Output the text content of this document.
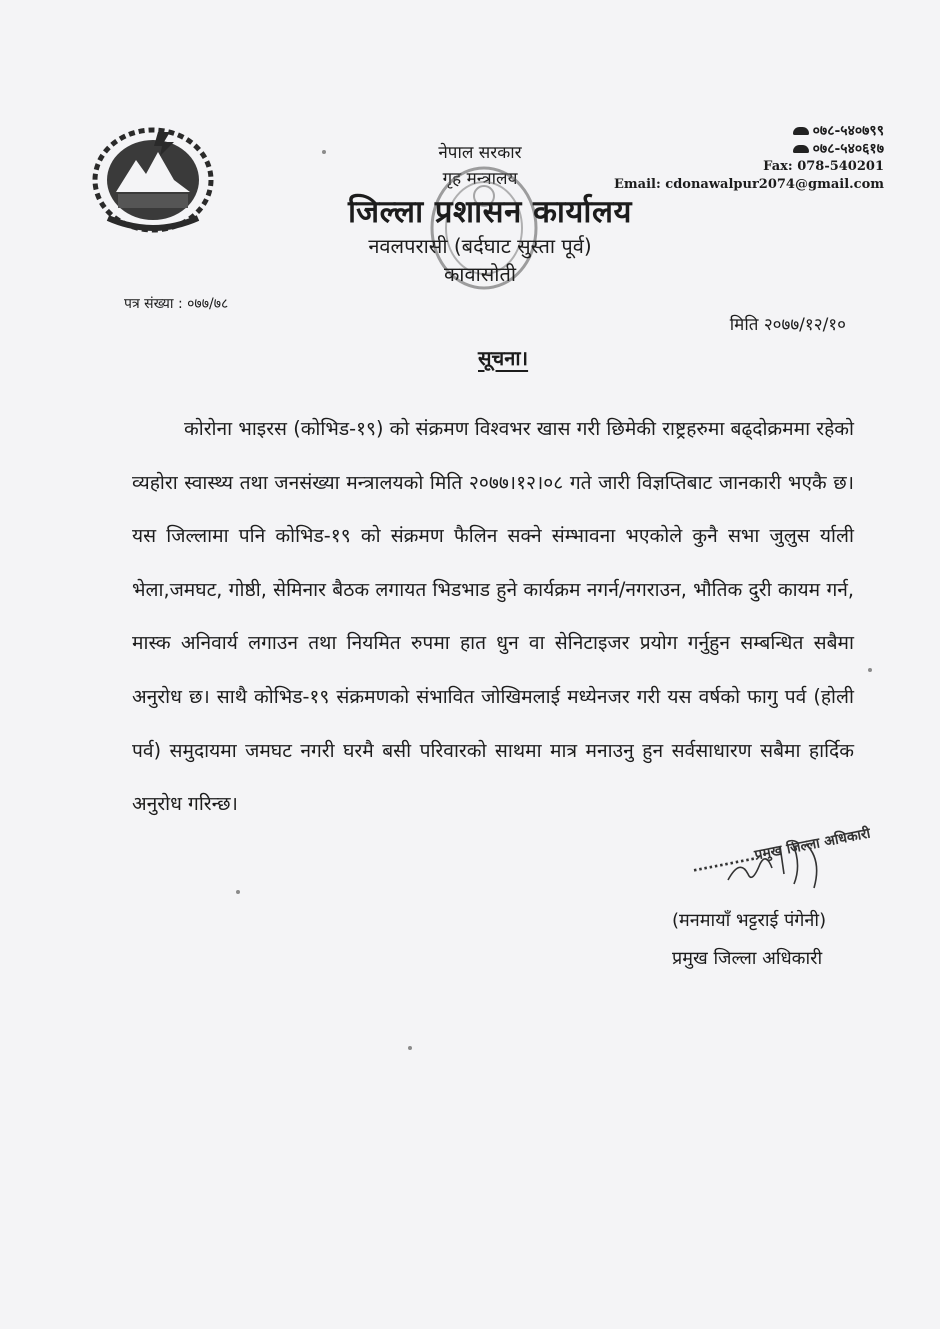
नेपाल सरकार
गृह मन्त्रालय
जिल्ला प्रशासन कार्यालय
नवलपरासी (बर्दघाट सुस्ता पूर्व)
कावासोती
०७८-५४०७९९
०७८-५४०६१७
Fax: 078-540201
Email: cdonawalpur2074@gmail.com
पत्र संख्या : ०७७/७८
मिति २०७७/१२/१०
सूचना।
कोरोना भाइरस (कोभिड-१९) को संक्रमण विश्वभर खास गरी छिमेकी राष्ट्रहरुमा बढ्दोक्रममा रहेको व्यहोरा स्वास्थ्य तथा जनसंख्या मन्त्रालयको मिति २०७७।१२।०८ गते जारी विज्ञप्तिबाट जानकारी भएकै छ। यस जिल्लामा पनि कोभिड-१९ को संक्रमण फैलिन सक्ने संम्भावना भएकोले कुनै सभा जुलुस र्याली भेला,जमघट, गोष्ठी, सेमिनार बैठक लगायत भिडभाड हुने कार्यक्रम नगर्न/नगराउन, भौतिक दुरी कायम गर्न, मास्क अनिवार्य लगाउन तथा नियमित रुपमा हात धुन वा सेनिटाइजर प्रयोग गर्नुहुन सम्बन्धित सबैमा अनुरोध छ। साथै कोभिड-१९ संक्रमणको संभावित जोखिमलाई मध्येनजर गरी यस वर्षको फागु पर्व (होली पर्व) समुदायमा जमघट नगरी घरमै बसी परिवारको साथमा मात्र मनाउनु हुन सर्वसाधारण सबैमा हार्दिक अनुरोध गरिन्छ।
............प्रमुख जिल्ला अधिकारी
(मनमायाँ भट्टराई पंगेनी)
प्रमुख जिल्ला अधिकारी
